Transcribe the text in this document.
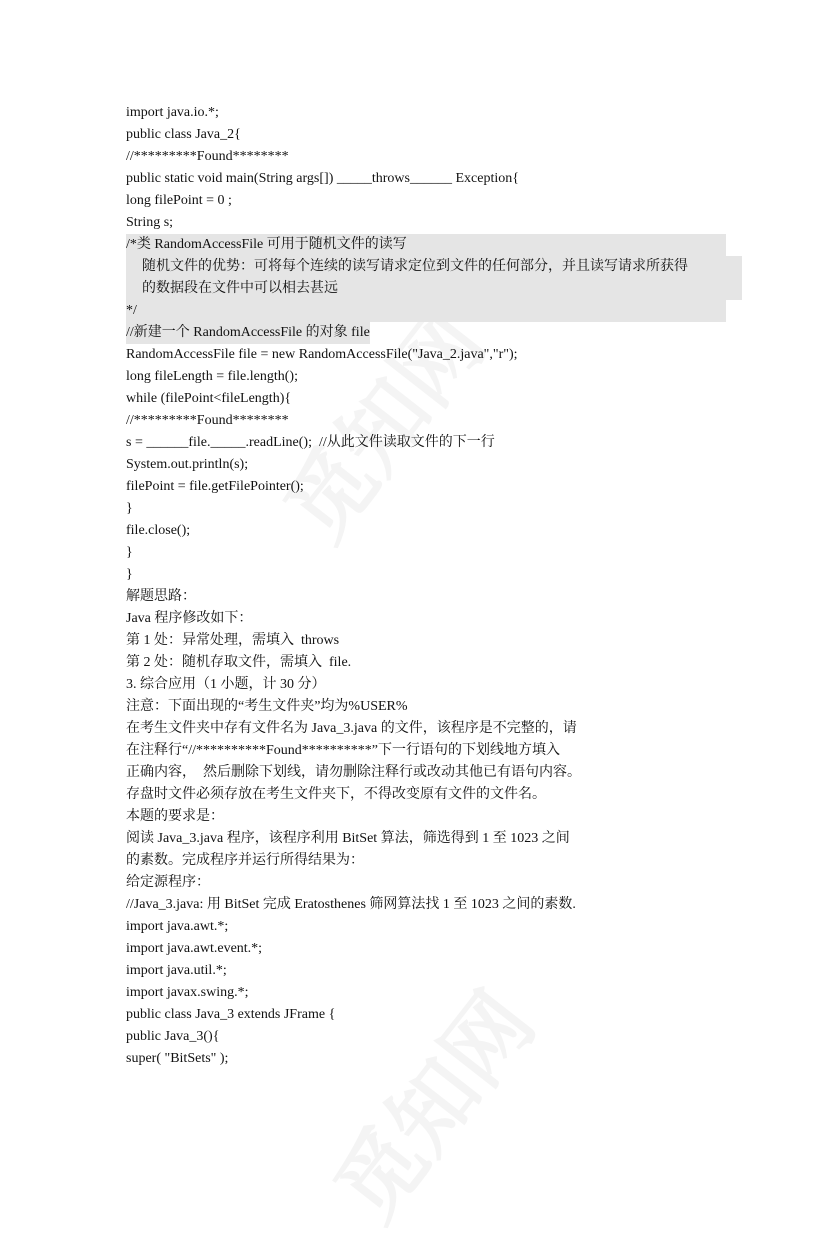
import java.io.*;
public class Java_2{
//*********Found********
public static void main(String args[]) _____throws______ Exception{
long filePoint = 0 ;
String s;
/*类 RandomAccessFile 可用于随机文件的读写
随机文件的优势：可将每个连续的读写请求定位到文件的任何部分，并且读写请求所获得
的数据段在文件中可以相去甚远
*/
//新建一个 RandomAccessFile 的对象 file
RandomAccessFile file = new RandomAccessFile("Java_2.java","r");
long fileLength = file.length();
while (filePoint<fileLength){
//*********Found********
s = ______file._____.readLine();  //从此文件读取文件的下一行
System.out.println(s);
filePoint = file.getFilePointer();
}
file.close();
}
}
解题思路：
Java 程序修改如下：
第 1 处：异常处理，需填入  throws
第 2 处：随机存取文件，需填入  file.
3. 综合应用（1 小题，计 30 分）
注意：下面出现的“考生文件夹”均为%USER%
在考生文件夹中存有文件名为 Java_3.java 的文件，该程序是不完整的，请
在注释行“//**********Found**********”下一行语句的下划线地方填入
正确内容，  然后删除下划线，请勿删除注释行或改动其他已有语句内容。
存盘时文件必须存放在考生文件夹下，不得改变原有文件的文件名。
本题的要求是：
阅读 Java_3.java 程序，该程序利用 BitSet 算法，筛选得到 1 至 1023 之间
的素数。完成程序并运行所得结果为：
给定源程序：
//Java_3.java: 用 BitSet 完成 Eratosthenes 筛网算法找 1 至 1023 之间的素数.
import java.awt.*;
import java.awt.event.*;
import java.util.*;
import javax.swing.*;
public class Java_3 extends JFrame {
public Java_3(){
super( "BitSets" );
